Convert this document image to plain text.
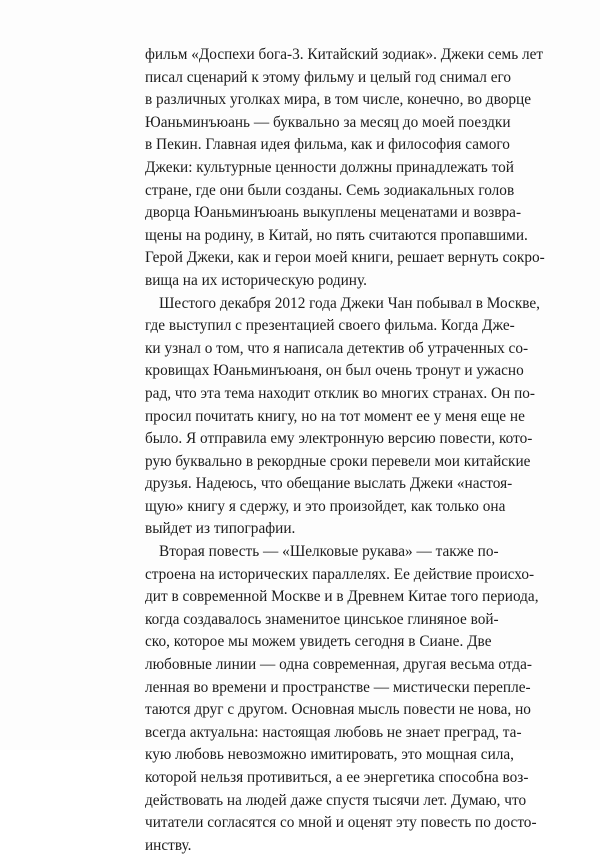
фильм «Доспехи бога-3. Китайский зодиак». Джеки семь лет
писал сценарий к этому фильму и целый год снимал его
в различных уголках мира, в том числе, конечно, во дворце
Юаньминъюань — буквально за месяц до моей поездки
в Пекин. Главная идея фильма, как и философия самого
Джеки: культурные ценности должны принадлежать той
стране, где они были созданы. Семь зодиакальных голов
дворца Юаньминъюань выкуплены меценатами и возвра-
щены на родину, в Китай, но пять считаются пропавшими.
Герой Джеки, как и герои моей книги, решает вернуть сокро-
вища на их историческую родину.
Шестого декабря 2012 года Джеки Чан побывал в Москве,
где выступил с презентацией своего фильма. Когда Дже-
ки узнал о том, что я написала детектив об утраченных со-
кровищах Юаньминъюаня, он был очень тронут и ужасно
рад, что эта тема находит отклик во многих странах. Он по-
просил почитать книгу, но на тот момент ее у меня еще не
было. Я отправила ему электронную версию повести, кото-
рую буквально в рекордные сроки перевели мои китайские
друзья. Надеюсь, что обещание выслать Джеки «настоя-
щую» книгу я сдержу, и это произойдет, как только она
выйдет из типографии.
Вторая повесть — «Шелковые рукава» — также по-
строена на исторических параллелях. Ее действие происхо-
дит в современной Москве и в Древнем Китае того периода,
когда создавалось знаменитое цинськое глиняное вой-
ско, которое мы можем увидеть сегодня в Сиане. Две
любовные линии — одна современная, другая весьма отда-
ленная во времени и пространстве — мистически перепле-
таются друг с другом. Основная мысль повести не нова, но
всегда актуальна: настоящая любовь не знает преград, та-
кую любовь невозможно имитировать, это мощная сила,
которой нельзя противиться, а ее энергетика способна воз-
действовать на людей даже спустя тысячи лет. Думаю, что
читатели согласятся со мной и оценят эту повесть по досто-
инству.
